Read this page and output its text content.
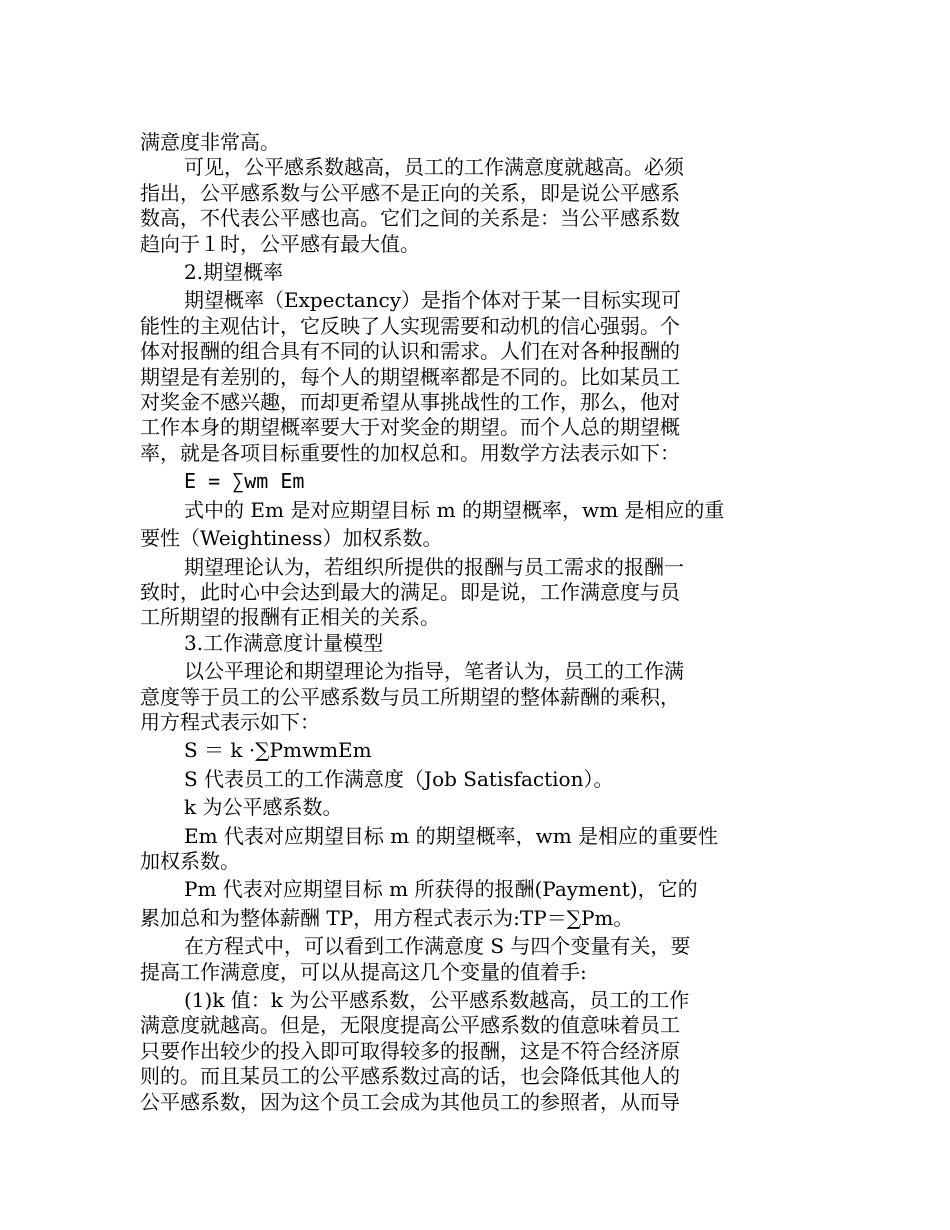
满意度非常高。

可见，公平感系数越高，员工的工作满意度就越高。必须

指出，公平感系数与公平感不是正向的关系，即是说公平感系

数高，不代表公平感也高。它们之间的关系是：当公平感系数

趋向于１时，公平感有最大值。

2.期望概率

期望概率（Expectancy）是指个体对于某一目标实现可

能性的主观估计，它反映了人实现需要和动机的信心强弱。个

体对报酬的组合具有不同的认识和需求。人们在对各种报酬的

期望是有差别的，每个人的期望概率都是不同的。比如某员工

对奖金不感兴趣，而却更希望从事挑战性的工作，那么，他对

工作本身的期望概率要大于对奖金的期望。而个人总的期望概

率，就是各项目标重要性的加权总和。用数学方法表示如下：

E = ∑wm Em

式中的 Em 是对应期望目标 m 的期望概率，wm 是相应的重

要性（Weightiness）加权系数。

期望理论认为，若组织所提供的报酬与员工需求的报酬一

致时，此时心中会达到最大的满足。即是说，工作满意度与员

工所期望的报酬有正相关的关系。

3.工作满意度计量模型

以公平理论和期望理论为指导，笔者认为，员工的工作满

意度等于员工的公平感系数与员工所期望的整体薪酬的乘积，

用方程式表示如下：

S ＝ k ·∑PmwmEm

S 代表员工的工作满意度（Job Satisfaction）。

k 为公平感系数。

Em 代表对应期望目标 m 的期望概率，wm 是相应的重要性

加权系数。

Pm 代表对应期望目标 m 所获得的报酬(Payment)，它的

累加总和为整体薪酬 TP，用方程式表示为:TP＝∑Pm。

在方程式中，可以看到工作满意度 S 与四个变量有关，要

提高工作满意度，可以从提高这几个变量的值着手:

(1)k 值：k 为公平感系数，公平感系数越高，员工的工作

满意度就越高。但是，无限度提高公平感系数的值意味着员工

只要作出较少的投入即可取得较多的报酬，这是不符合经济原

则的。而且某员工的公平感系数过高的话，也会降低其他人的

公平感系数，因为这个员工会成为其他员工的参照者，从而导
